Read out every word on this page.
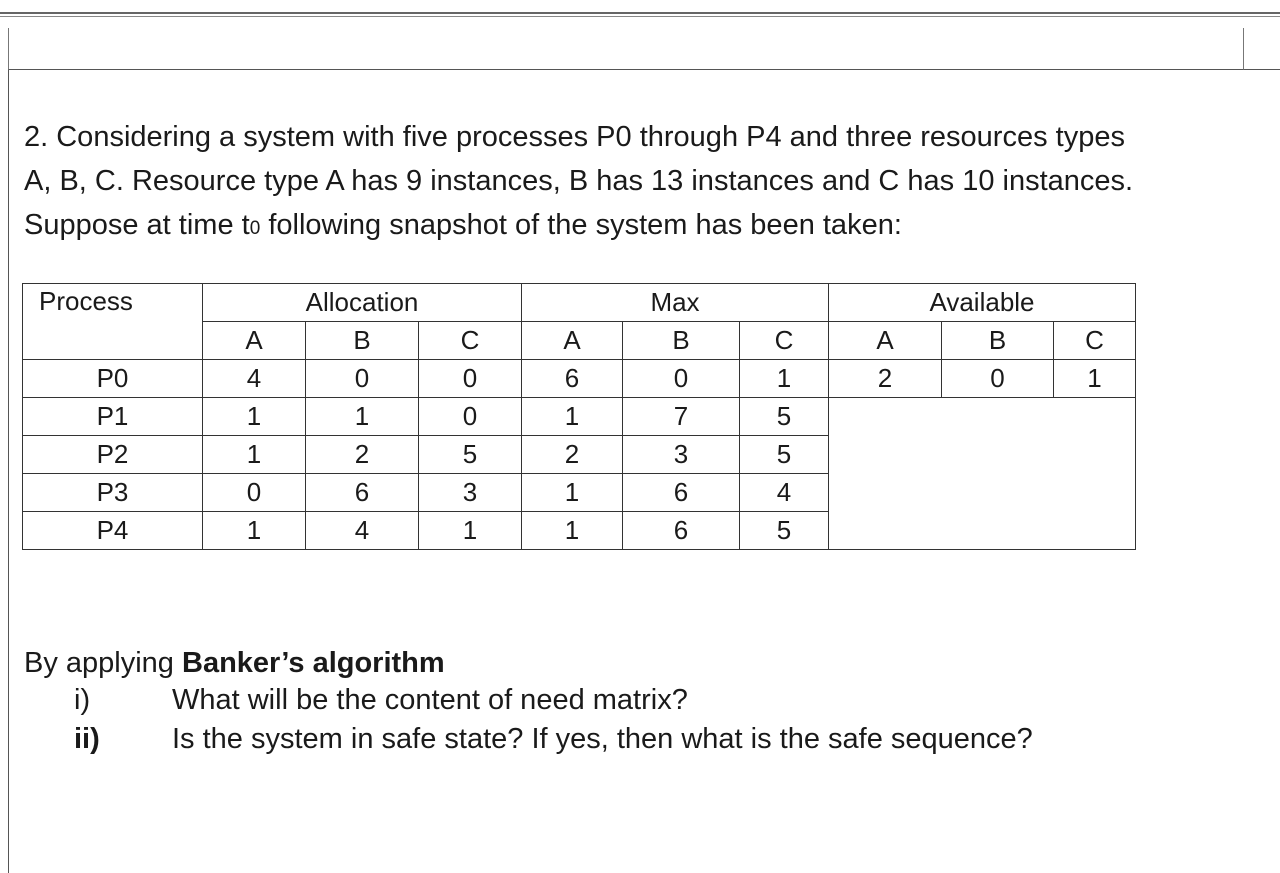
2. Considering a system with five processes P0 through P4 and three resources types
A, B, C. Resource type A has 9 instances, B has 13 instances and C has 10 instances.
Suppose at time t0 following snapshot of the system has been taken:

Process	Allocation			Max			Available		
	A	B	C	A	B	C	A	B	C
P0	4	0	0	6	0	1	2	0	1
P1	1	1	0	1	7	5			
P2	1	2	5	2	3	5			
P3	0	6	3	1	6	4			
P4	1	4	1	1	6	5			

By applying Banker’s algorithm

i)	What will be the content of need matrix?
ii) Is the system in safe state? If yes, then what is the safe sequence?
